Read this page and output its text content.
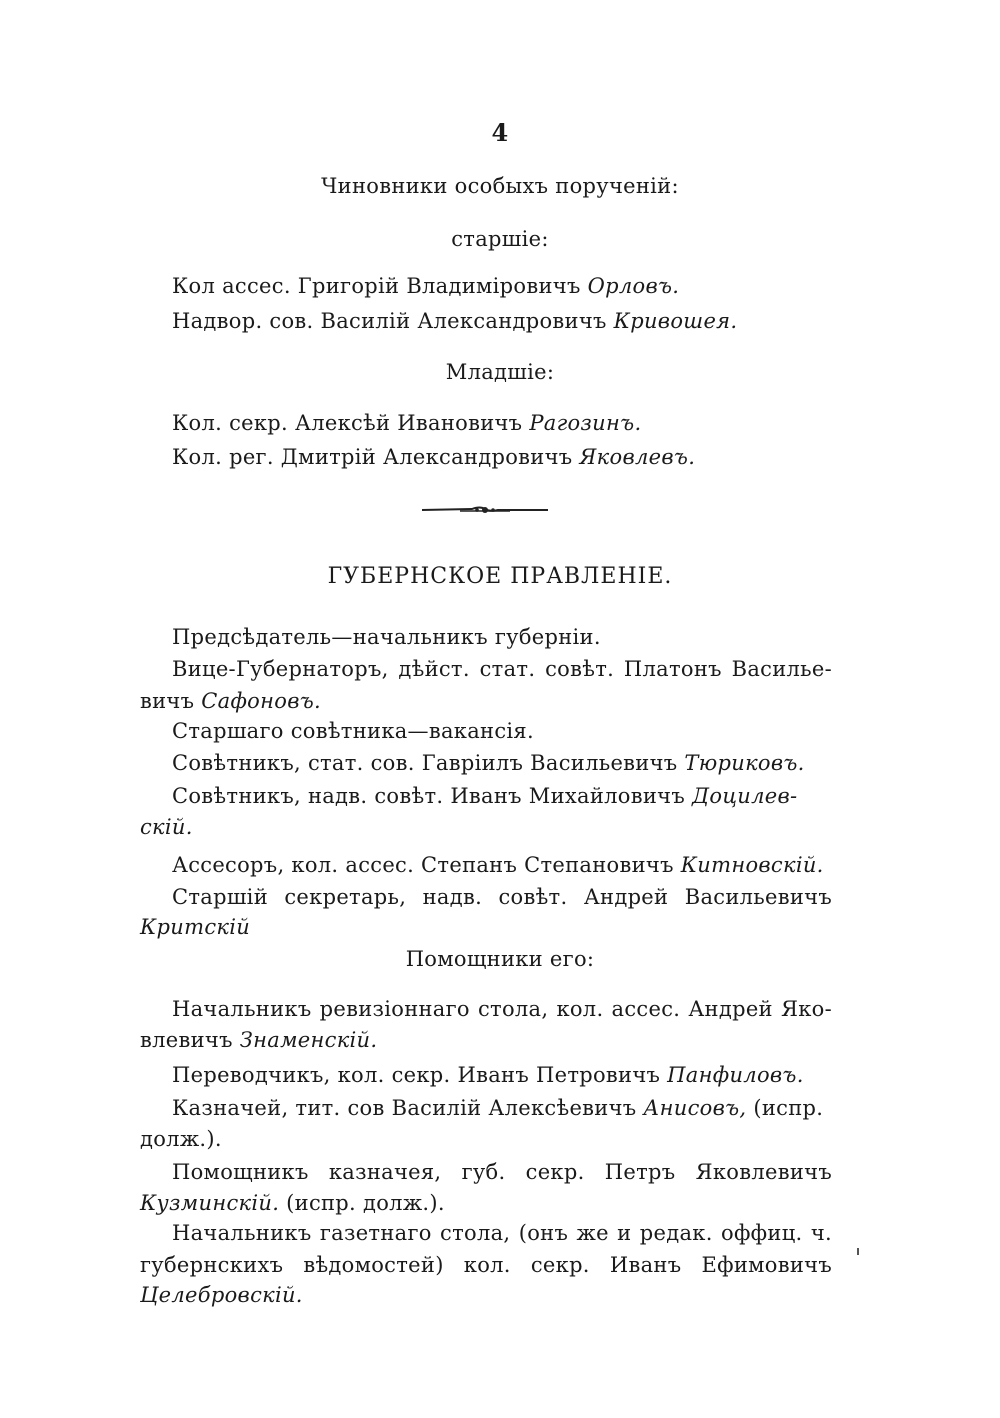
4
Чиновники особыхъ порученій:
старшіе:
Кол ассес. Григорій Владиміровичъ Орловъ.
Надвор. сов. Василій Александровичъ Кривошея.
Младшіе:
Кол. секр. Алексѣй Ивановичъ Рагозинъ.
Кол. рег. Дмитрій Александровичъ Яковлевъ.
ГУБЕРНСКОЕ ПРАВЛЕНІЕ.
Предсѣдатель—начальникъ губерніи.
Вице-Губернаторъ, дѣйст. стат. совѣт. Платонъ Василье-
вичъ Сафоновъ.
Старшаго совѣтника—вакансія.
Совѣтникъ, стат. сов. Гавріилъ Васильевичъ Тюриковъ.
Совѣтникъ, надв. совѣт. Иванъ Михайловичъ Доцилев-
скій.
Ассесоръ, кол. ассес. Степанъ Степановичъ Китновскій.
Старшій секретарь, надв. совѣт. Андрей Васильевичъ
Критскій
Помощники его:
Начальникъ ревизіоннаго стола, кол. ассес. Андрей Яко-
влевичъ Знаменскій.
Переводчикъ, кол. секр. Иванъ Петровичъ Панфиловъ.
Казначей, тит. сов Василій Алексѣевичъ Анисовъ, (испр.
долж.).
Помощникъ казначея, губ. секр. Петръ Яковлевичъ
Кузминскій. (испр. долж.).
Начальникъ газетнаго стола, (онъ же и редак. оффиц. ч.
губернскихъ вѣдомостей) кол. секр. Иванъ Ефимовичъ
Целебровскій.
